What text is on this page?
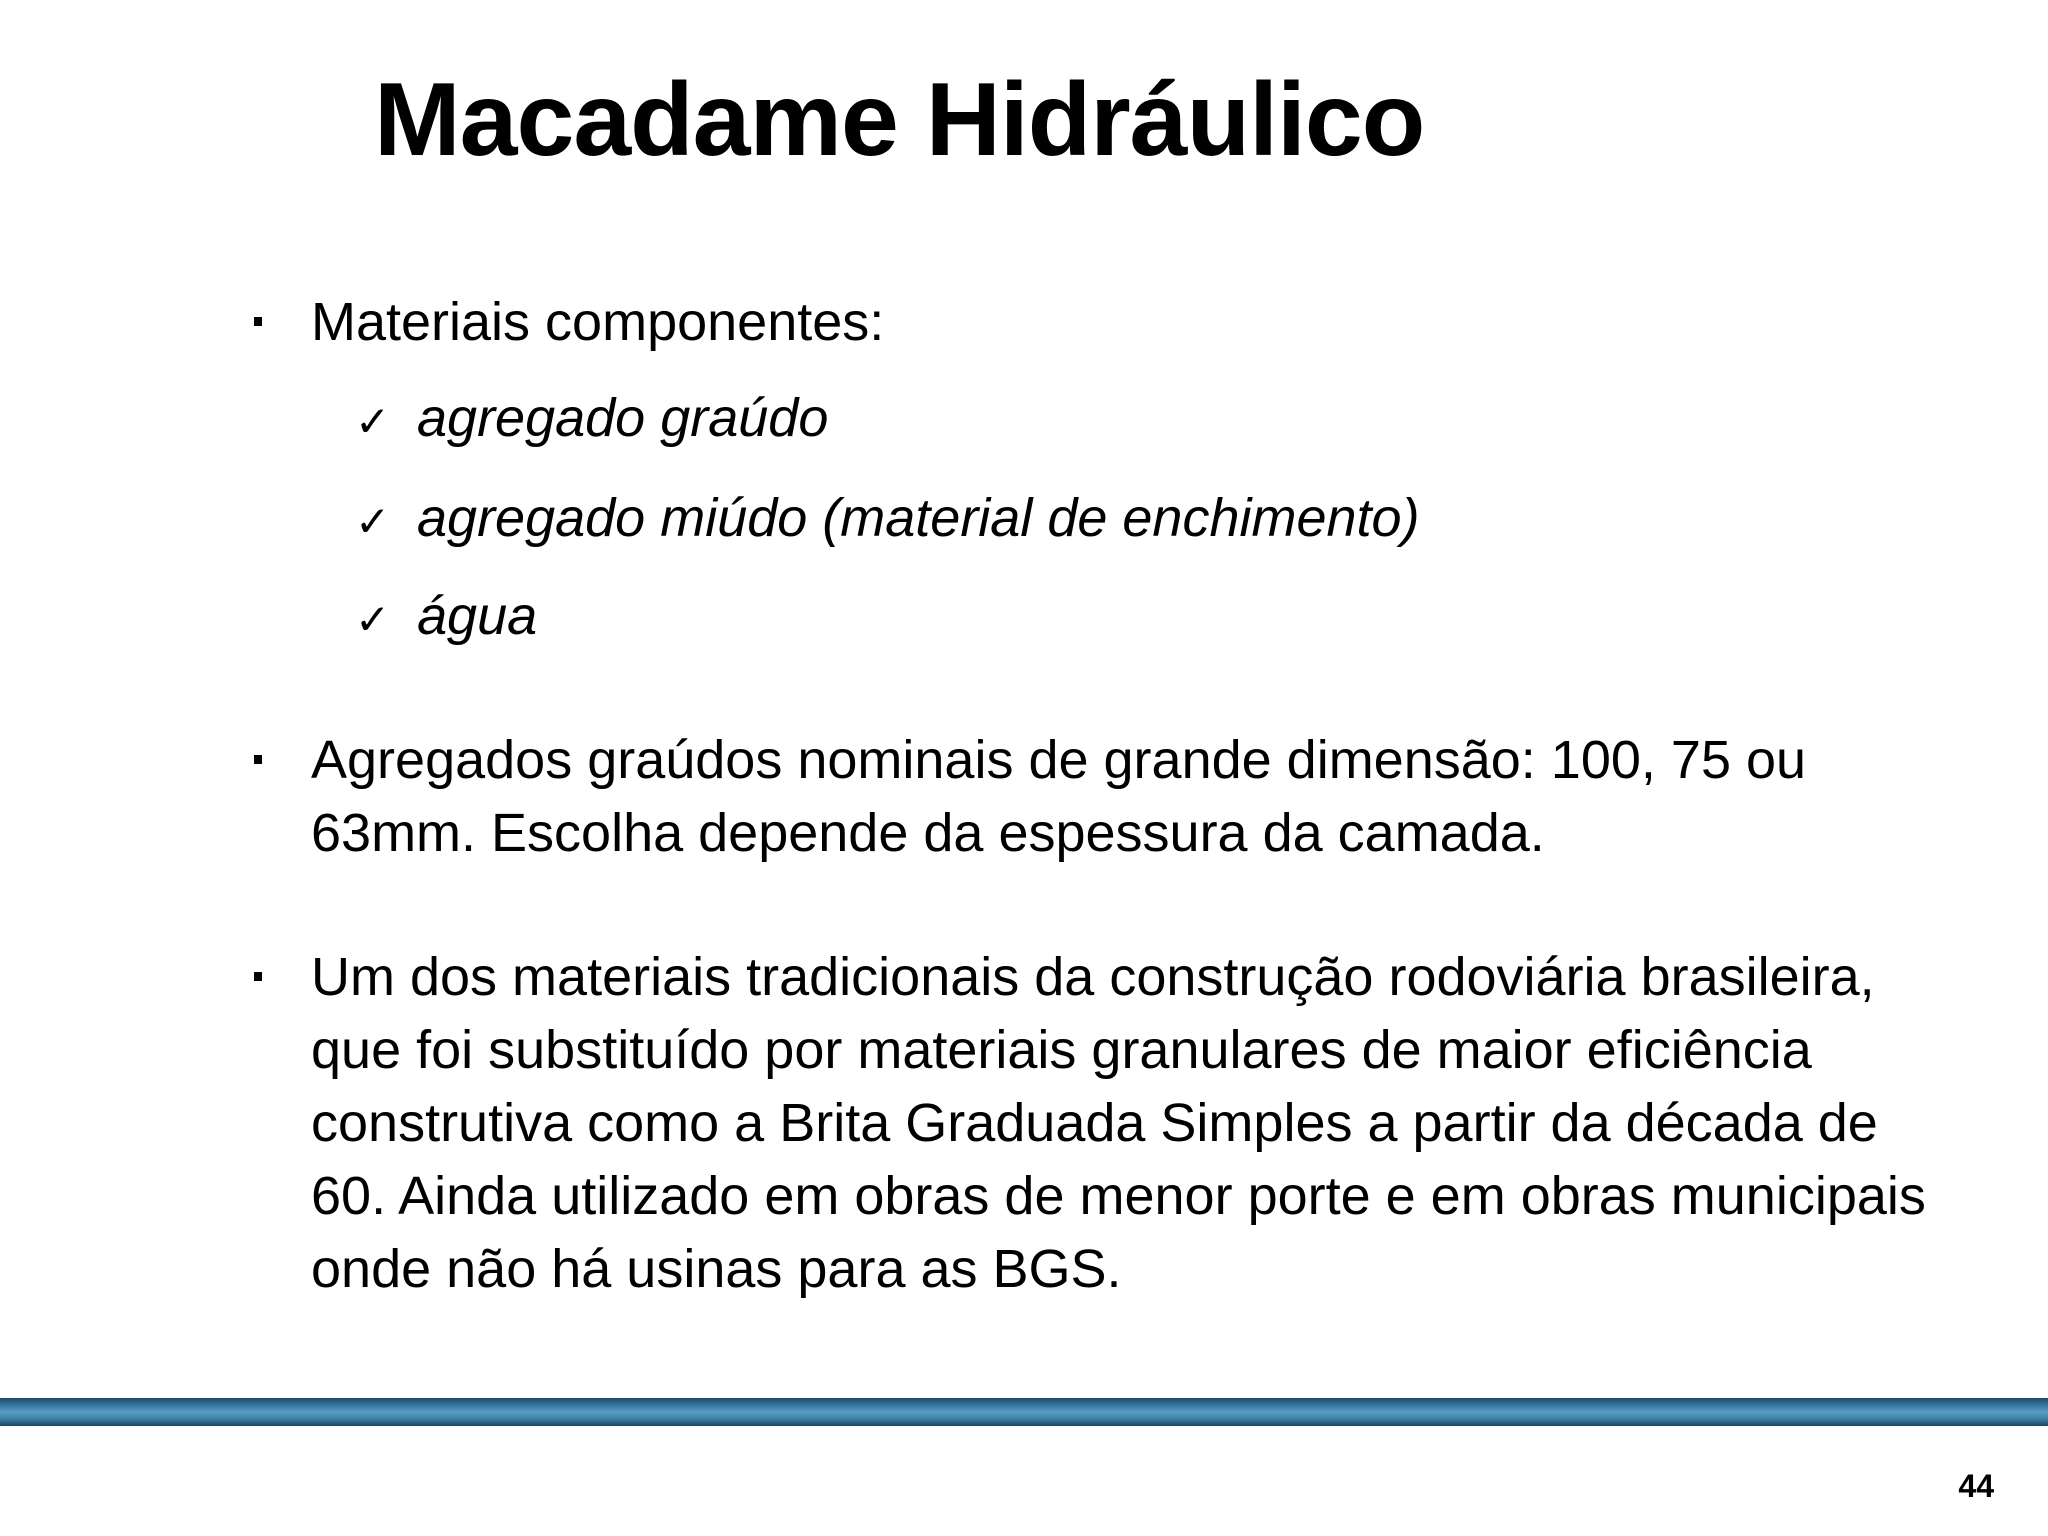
Macadame Hidráulico
Materiais componentes:
✓ agregado graúdo
✓ agregado miúdo (material de enchimento)
✓ água
Agregados graúdos nominais de grande dimensão: 100, 75 ou 63mm. Escolha depende da espessura da camada.
Um dos materiais tradicionais da construção rodoviária brasileira, que foi substituído por materiais granulares de maior eficiência construtiva como a Brita Graduada Simples a partir da década de 60. Ainda utilizado em obras de menor porte e em obras municipais onde não há usinas para as BGS.
44
